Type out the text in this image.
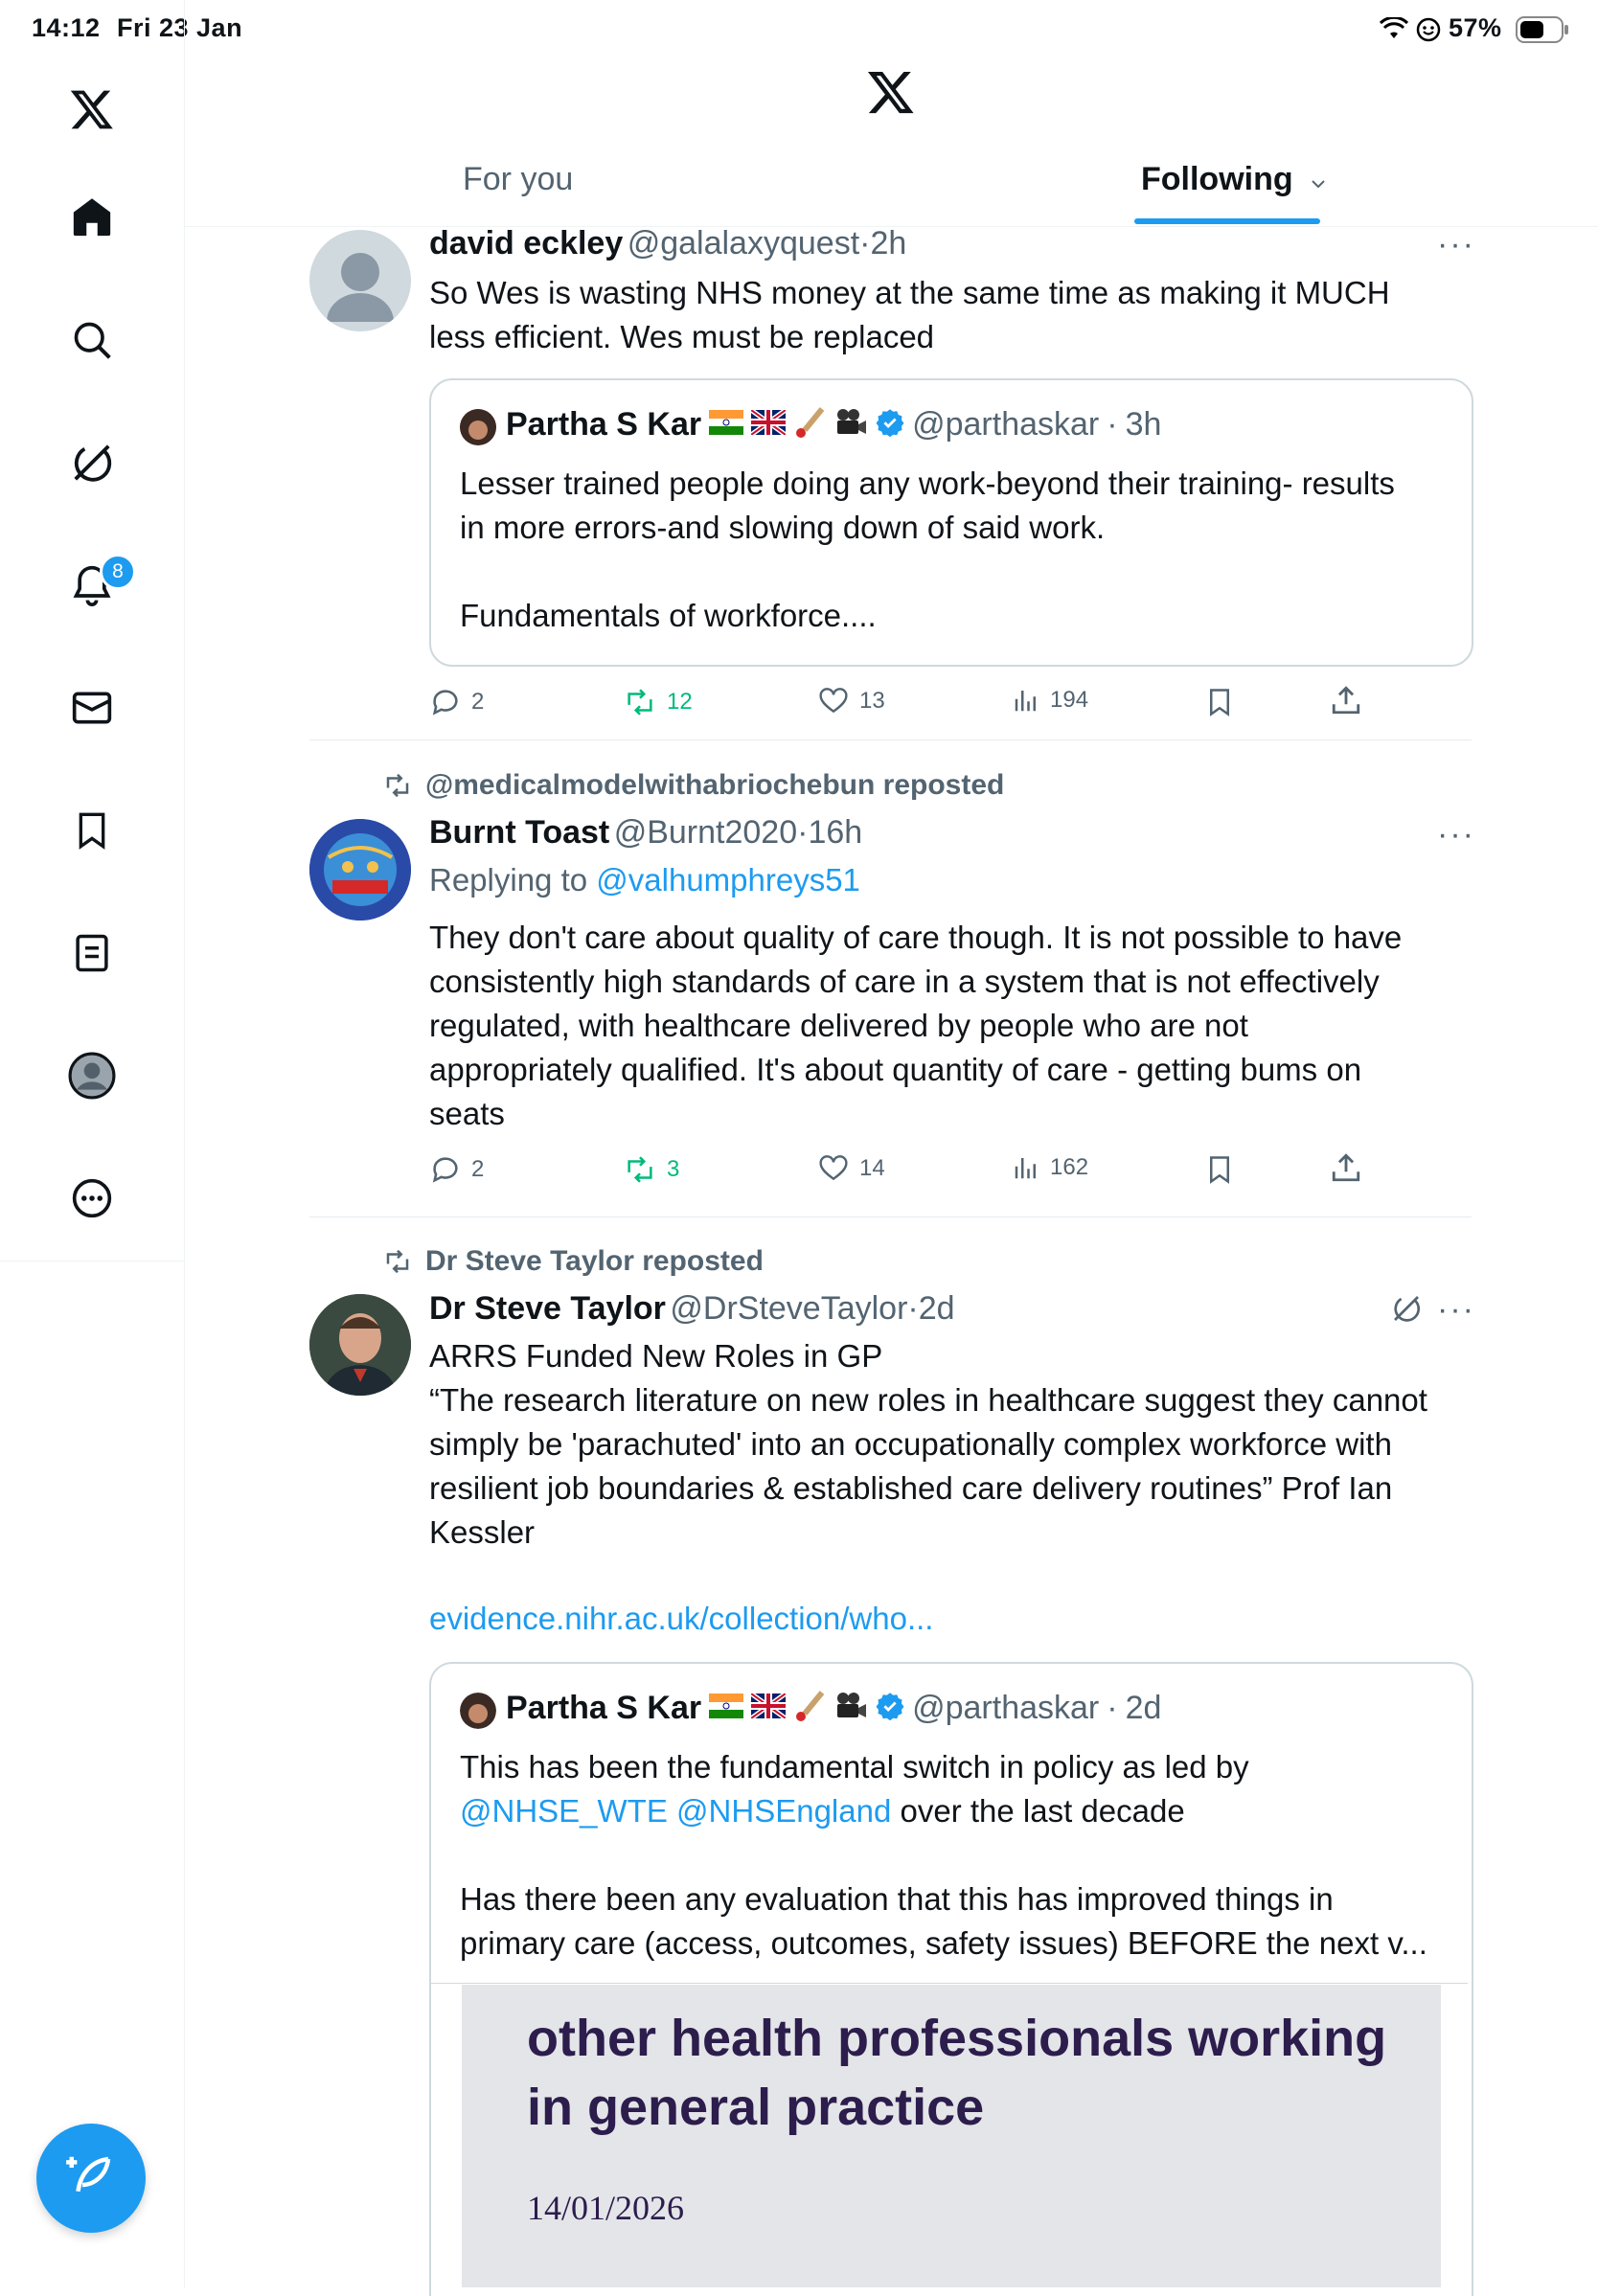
14:12 Fri 23 Jan	57%
8
For you	Following
david eckley @galalaxyquest·2h	···
So Wes is wasting NHS money at the same time as making it MUCH
less efficient. Wes must be replaced
Partha S Kar	@parthaskar · 3h
Lesser trained people doing any work-beyond their training- results
in more errors-and slowing down of said work.

Fundamentals of workforce....
2	12	13	194
@medicalmodelwithabriochebun reposted
Burnt Toast @Burnt2020·16h	···
Replying to @valhumphreys51
They don't care about quality of care though. It is not possible to have
consistently high standards of care in a system that is not effectively
regulated, with healthcare delivered by people who are not
appropriately qualified. It's about quantity of care - getting bums on
seats
2	3	14	162
Dr Steve Taylor reposted
Dr Steve Taylor @DrSteveTaylor·2d	···
ARRS Funded New Roles in GP
“The research literature on new roles in healthcare suggest they cannot
simply be 'parachuted' into an occupationally complex workforce with
resilient job boundaries & established care delivery routines” Prof Ian
Kessler
evidence.nihr.ac.uk/collection/who...
Partha S Kar	@parthaskar · 2d
This has been the fundamental switch in policy as led by
@NHSE_WTE @NHSEngland over the last decade
Has there been any evaluation that this has improved things in
primary care (access, outcomes, safety issues) BEFORE the next v...
other health professionals working
in general practice
14/01/2026
